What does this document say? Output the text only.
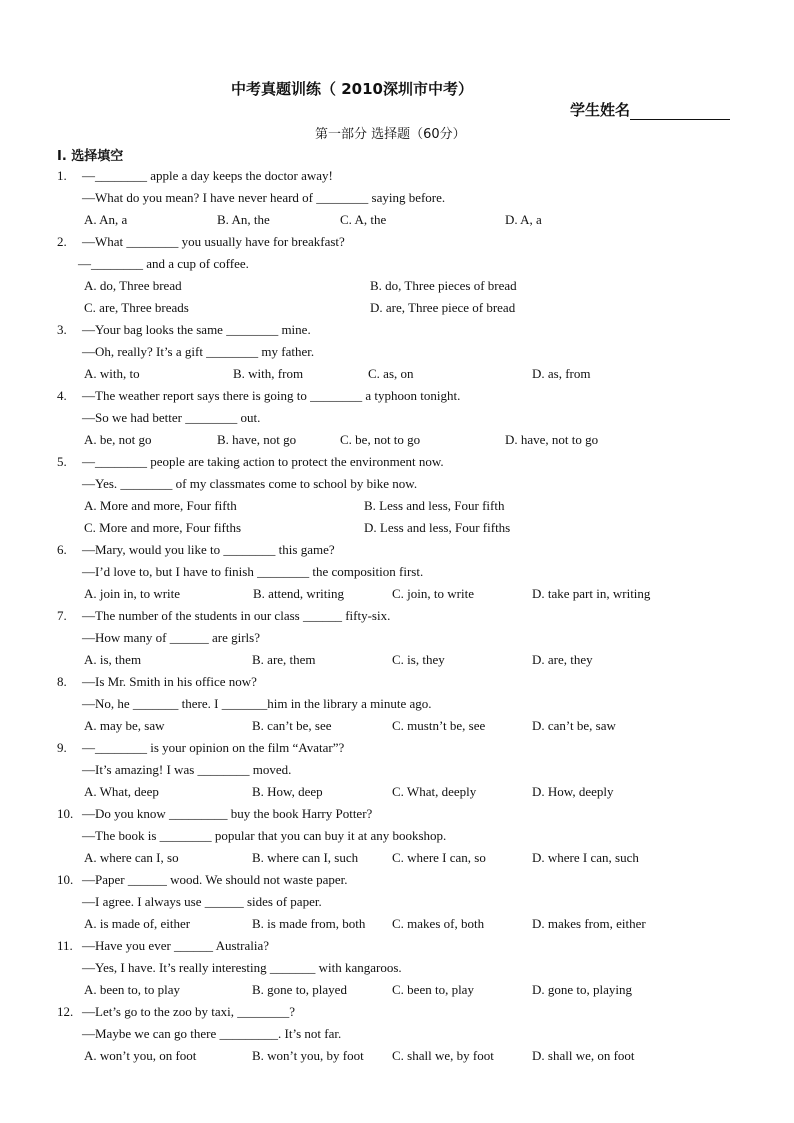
中考真题训练（ 2010深圳市中考）
学生姓名
第一部分 选择题（60分）
I. 选择填空
1. —________ apple a day keeps the doctor away!
—What do you mean? I have never heard of ________ saying before.
A. An, a	B. An, the	C. A, the	D. A, a
2. —What ________ you usually have for breakfast?
—________ and a cup of coffee.
A. do, Three bread	B. do, Three pieces of bread
C. are, Three breads	D. are, Three piece of bread
3. —Your bag looks the same ________ mine.
—Oh, really? It’s a gift ________ my father.
A. with, to	B. with, from	C. as, on	D. as, from
4. —The weather report says there is going to ________ a typhoon tonight.
—So we had better ________ out.
A. be, not go	B. have, not go	C. be, not to go	D. have, not to go
5. —________ people are taking action to protect the environment now.
—Yes. ________ of my classmates come to school by bike now.
A. More and more, Four fifth	B. Less and less, Four fifth
C. More and more, Four fifths	D. Less and less, Four fifths
6. —Mary, would you like to ________ this game?
—I’d love to, but I have to finish ________ the composition first.
A. join in, to write	B. attend, writing	C. join, to write	D. take part in, writing
7. —The number of the students in our class ______ fifty-six.
—How many of ______ are girls?
A. is, them	B. are, them	C. is, they	D. are, they
8. —Is Mr. Smith in his office now?
—No, he _______ there. I _______him in the library a minute ago.
A. may be, saw	B. can’t be, see	C. mustn’t be, see	D. can’t be, saw
9. —________ is your opinion on the film “Avatar”?
—It’s amazing! I was ________ moved.
A. What, deep	B. How, deep	C. What, deeply	D. How, deeply
10. —Do you know _________ buy the book Harry Potter?
—The book is ________ popular that you can buy it at any bookshop.
A. where can I, so	B. where can I, such	C. where I can, so	D. where I can, such
10. —Paper ______ wood. We should not waste paper.
—I agree. I always use ______ sides of paper.
A. is made of, either	B. is made from, both C. makes of, both	D. makes from, either
11. —Have you ever ______ Australia?
—Yes, I have. It’s really interesting _______ with kangaroos.
A. been to, to play	B. gone to, played	C. been to, play	D. gone to, playing
12. —Let’s go to the zoo by taxi, ________?
—Maybe we can go there _________. It’s not far.
A. won’t you, on foot	B. won’t you, by foot C. shall we, by foot	D. shall we, on foot
